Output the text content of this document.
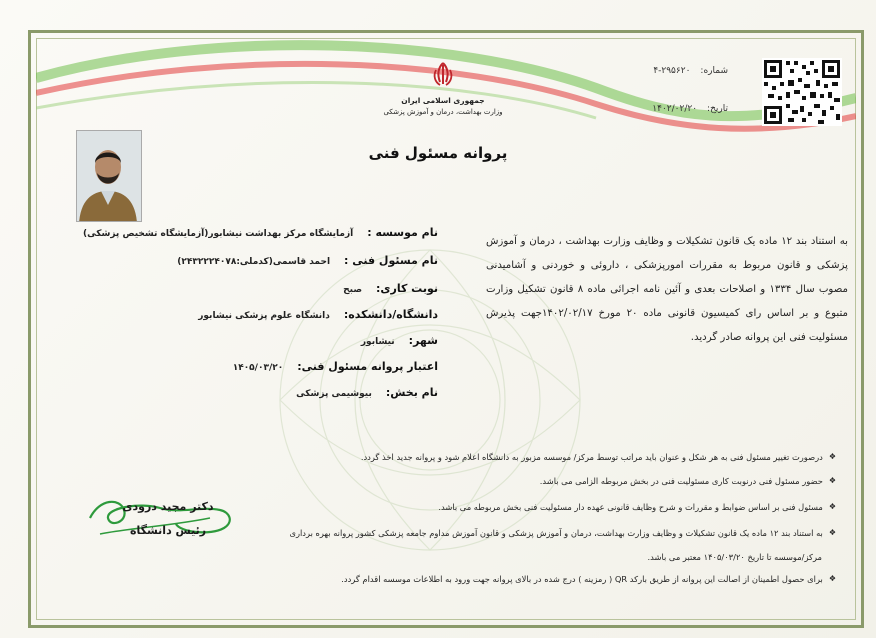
جمهوری اسلامی ایران
وزارت بهداشت، درمان و آموزش پزشکی
شماره:
۴-۲۹۵۶۲۰
تاریخ:
۱۴۰۲/۰۲/۲۰
پروانه مسئول فنی

به استناد بند ۱۲ ماده یک قانون تشکیلات و وظایف وزارت بهداشت ، درمان و آموزش پزشکی و قانون مربوط به مقررات امورپزشکی ، داروئی و خوردنی و آشامیدنی مصوب سال ۱۳۳۴ و اصلاحات بعدی و آئین نامه اجرائی ماده ۸ قانون تشکیل وزارت متبوع و بر اساس رای کمیسیون قانونی ماده ۲۰ مورخ ۱۴۰۲/۰۲/۱۷جهت پذیرش مسئولیت فنی این پروانه صادر گردید.

نام موسسه :
آزمایشگاه مرکز بهداشت نیشابور(آزمایشگاه تشخیص پزشکی)
نام مسئول فنی :
احمد قاسمی(کدملی:۲۴۳۲۲۲۴۰۷۸)
نوبت کاری:
صبح
دانشگاه/دانشکده:
دانشگاه علوم پزشکی نیشابور
شهر:
نیشابور
اعتبار پروانه مسئول فنی:
۱۴۰۵/۰۳/۲۰
نام بخش:
بیوشیمی پزشکی
❖
درصورت تغییر مسئول فنی به هر شکل و عنوان باید مراتب توسط مرکز/ موسسه مزبور به دانشگاه اعلام شود و پروانه جدید اخذ گردد.
❖
حضور مسئول فنی درنوبت کاری مسئولیت فنی در بخش مربوطه الزامی می باشد.
❖
مسئول فنی بر اساس ضوابط و مقررات و شرح وظایف قانونی عهده دار مسئولیت فنی بخش مربوطه می باشد.
❖
به استناد بند ۱۲ ماده یک قانون تشکیلات و وظایف وزارت بهداشت، درمان و آموزش پزشکی و قانون آموزش مداوم جامعه پزشکی کشور پروانه بهره برداری
مرکز/موسسه تا تاریخ ۱۴۰۵/۰۳/۲۰ معتبر می باشد.
❖
برای حصول اطمینان از اصالت این پروانه از طریق بارکد QR ( رمزینه ) درج شده در بالای پروانه جهت ورود به اطلاعات موسسه اقدام گردد.
دکتر مجید درودی
رئیس دانشگاه
